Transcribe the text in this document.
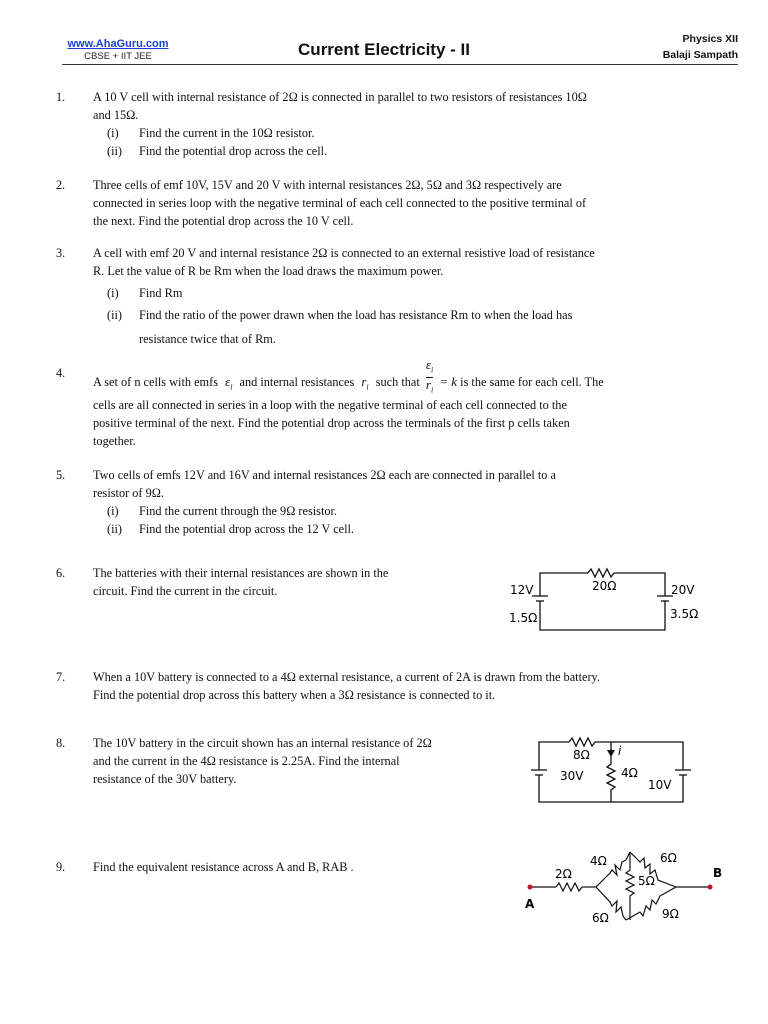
www.AhaGuru.com
CBSE + IIT JEE	Current Electricity - II
Physics XII
Balaji Sampath
1. A 10 V cell with internal resistance of 2Ω is connected in parallel to two resistors of resistances 10Ω
and 15Ω.
(i) Find the current in the 10Ω resistor.
(ii) Find the potential drop across the cell.
2. Three cells of emf 10V, 15V and 20 V with internal resistances 2Ω, 5Ω and 3Ω respectively are
connected in series loop with the negative terminal of each cell connected to the positive terminal of
the next. Find the potential drop across the 10 V cell.
3. A cell with emf 20 V and internal resistance 2Ω is connected to an external resistive load of resistance
R. Let the value of R be Rm when the load draws the maximum power.
(i) Find Rm
(ii) Find the ratio of the power drawn when the load has resistance Rm to when the load has
resistance twice that of Rm.
4.
A set of n cells with emfs $\varepsilon_i$ and internal resistances $r_i$ such that $\frac{\varepsilon_i}{r_i} = k$ is the same for each cell. The
cells are all connected in series in a loop with the negative terminal of each cell connected to the
positive terminal of the next. Find the potential drop across the terminals of the first p cells taken
together.
5. Two cells of emfs 12V and 16V and internal resistances 2Ω each are connected in parallel to a
resistor of 9Ω.
(i) Find the current through the 9Ω resistor.
(ii) Find the potential drop across the 12 V cell.
6. The batteries with their internal resistances are shown in the
circuit. Find the current in the circuit.	12V
1.5Ω
20Ω	20V
3.5Ω
7. When a 10V battery is connected to a 4Ω external resistance, a current of 2A is drawn from the battery.
Find the potential drop across this battery when a 3Ω resistance is connected to it.
8. The 10V battery in the circuit shown has an internal resistance of 2Ω
and the current in the 4Ω resistance is 2.25A. Find the internal
resistance of the 30V battery.
8Ω i
30V	4Ω
10V
9. Find the equivalent resistance across A and B, RAB .	2Ω
4Ω	6Ω
5Ω
6Ω	9Ω
A
B
